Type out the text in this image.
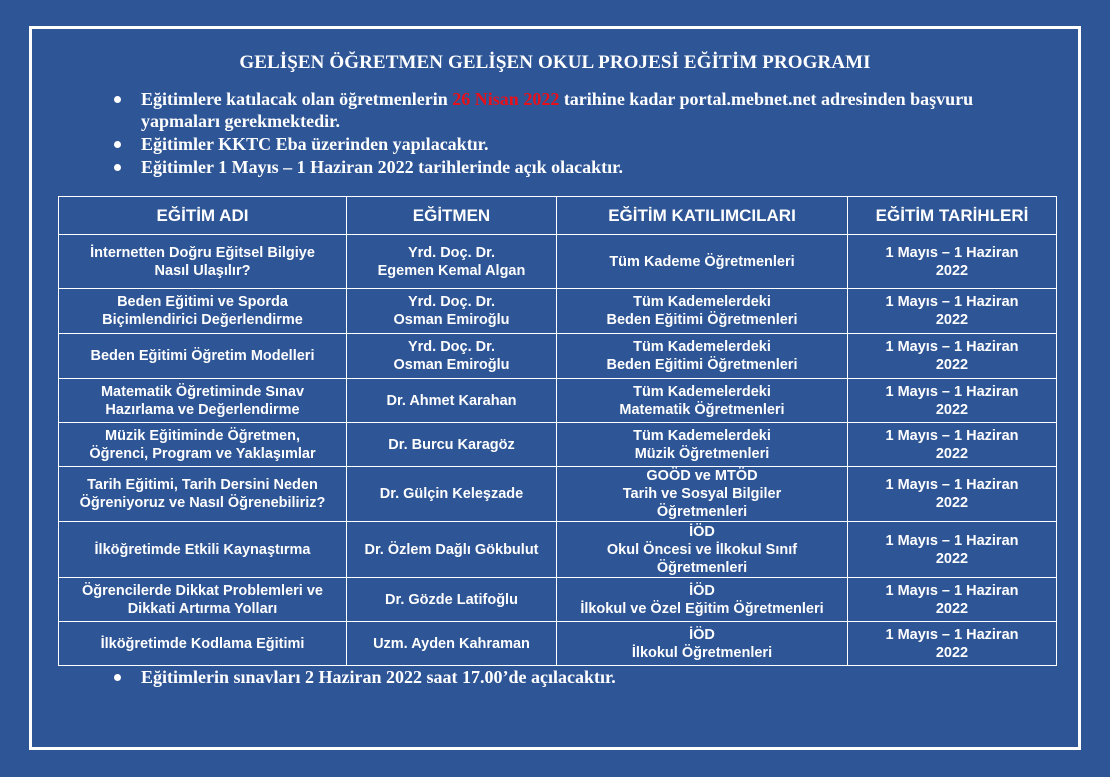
GELİŞEN ÖĞRETMEN GELİŞEN OKUL PROJESİ EĞİTİM PROGRAMI
Eğitimlere katılacak olan öğretmenlerin 26 Nisan 2022 tarihine kadar portal.mebnet.net adresinden başvuru yapmaları gerekmektedir.
Eğitimler KKTC Eba üzerinden yapılacaktır.
Eğitimler 1 Mayıs – 1 Haziran 2022 tarihlerinde açık olacaktır.
EĞİTİM ADI	EĞİTMEN	EĞİTİM KATILIMCILARI	EĞİTİM TARİHLERİ

İnternetten Doğru Eğitsel Bilgiye
Nasıl Ulaşılır?	Yrd. Doç. Dr.
Egemen Kemal Algan	Tüm Kademe Öğretmenleri	1 Mayıs – 1 Haziran
2022

Beden Eğitimi ve Sporda
Biçimlendirici Değerlendirme	Yrd. Doç. Dr.
Osman Emiroğlu	Tüm Kademelerdeki
Beden Eğitimi Öğretmenleri	1 Mayıs – 1 Haziran
2022

Beden Eğitimi Öğretim Modelleri	Yrd. Doç. Dr.
Osman Emiroğlu	Tüm Kademelerdeki
Beden Eğitimi Öğretmenleri	1 Mayıs – 1 Haziran
2022

Matematik Öğretiminde Sınav
Hazırlama ve Değerlendirme	Dr. Ahmet Karahan	Tüm Kademelerdeki
Matematik Öğretmenleri	1 Mayıs – 1 Haziran
2022

Müzik Eğitiminde Öğretmen,
Öğrenci, Program ve Yaklaşımlar	Dr. Burcu Karagöz	Tüm Kademelerdeki
Müzik Öğretmenleri	1 Mayıs – 1 Haziran
2022

Tarih Eğitimi, Tarih Dersini Neden
Öğreniyoruz ve Nasıl Öğrenebiliriz?	Dr. Gülçin Keleşzade	GOÖD ve MTÖD
Tarih ve Sosyal Bilgiler
Öğretmenleri	1 Mayıs – 1 Haziran
2022

İlköğretimde Etkili Kaynaştırma	Dr. Özlem Dağlı Gökbulut	İÖD
Okul Öncesi ve İlkokul Sınıf
Öğretmenleri	1 Mayıs – 1 Haziran
2022

Öğrencilerde Dikkat Problemleri ve
Dikkati Artırma Yolları	Dr. Gözde Latifoğlu	İÖD
İlkokul ve Özel Eğitim Öğretmenleri	1 Mayıs – 1 Haziran
2022

İlköğretimde Kodlama Eğitimi	Uzm. Ayden Kahraman	İÖD
İlkokul Öğretmenleri	1 Mayıs – 1 Haziran
2022
Eğitimlerin sınavları 2 Haziran 2022 saat 17.00’de açılacaktır.
